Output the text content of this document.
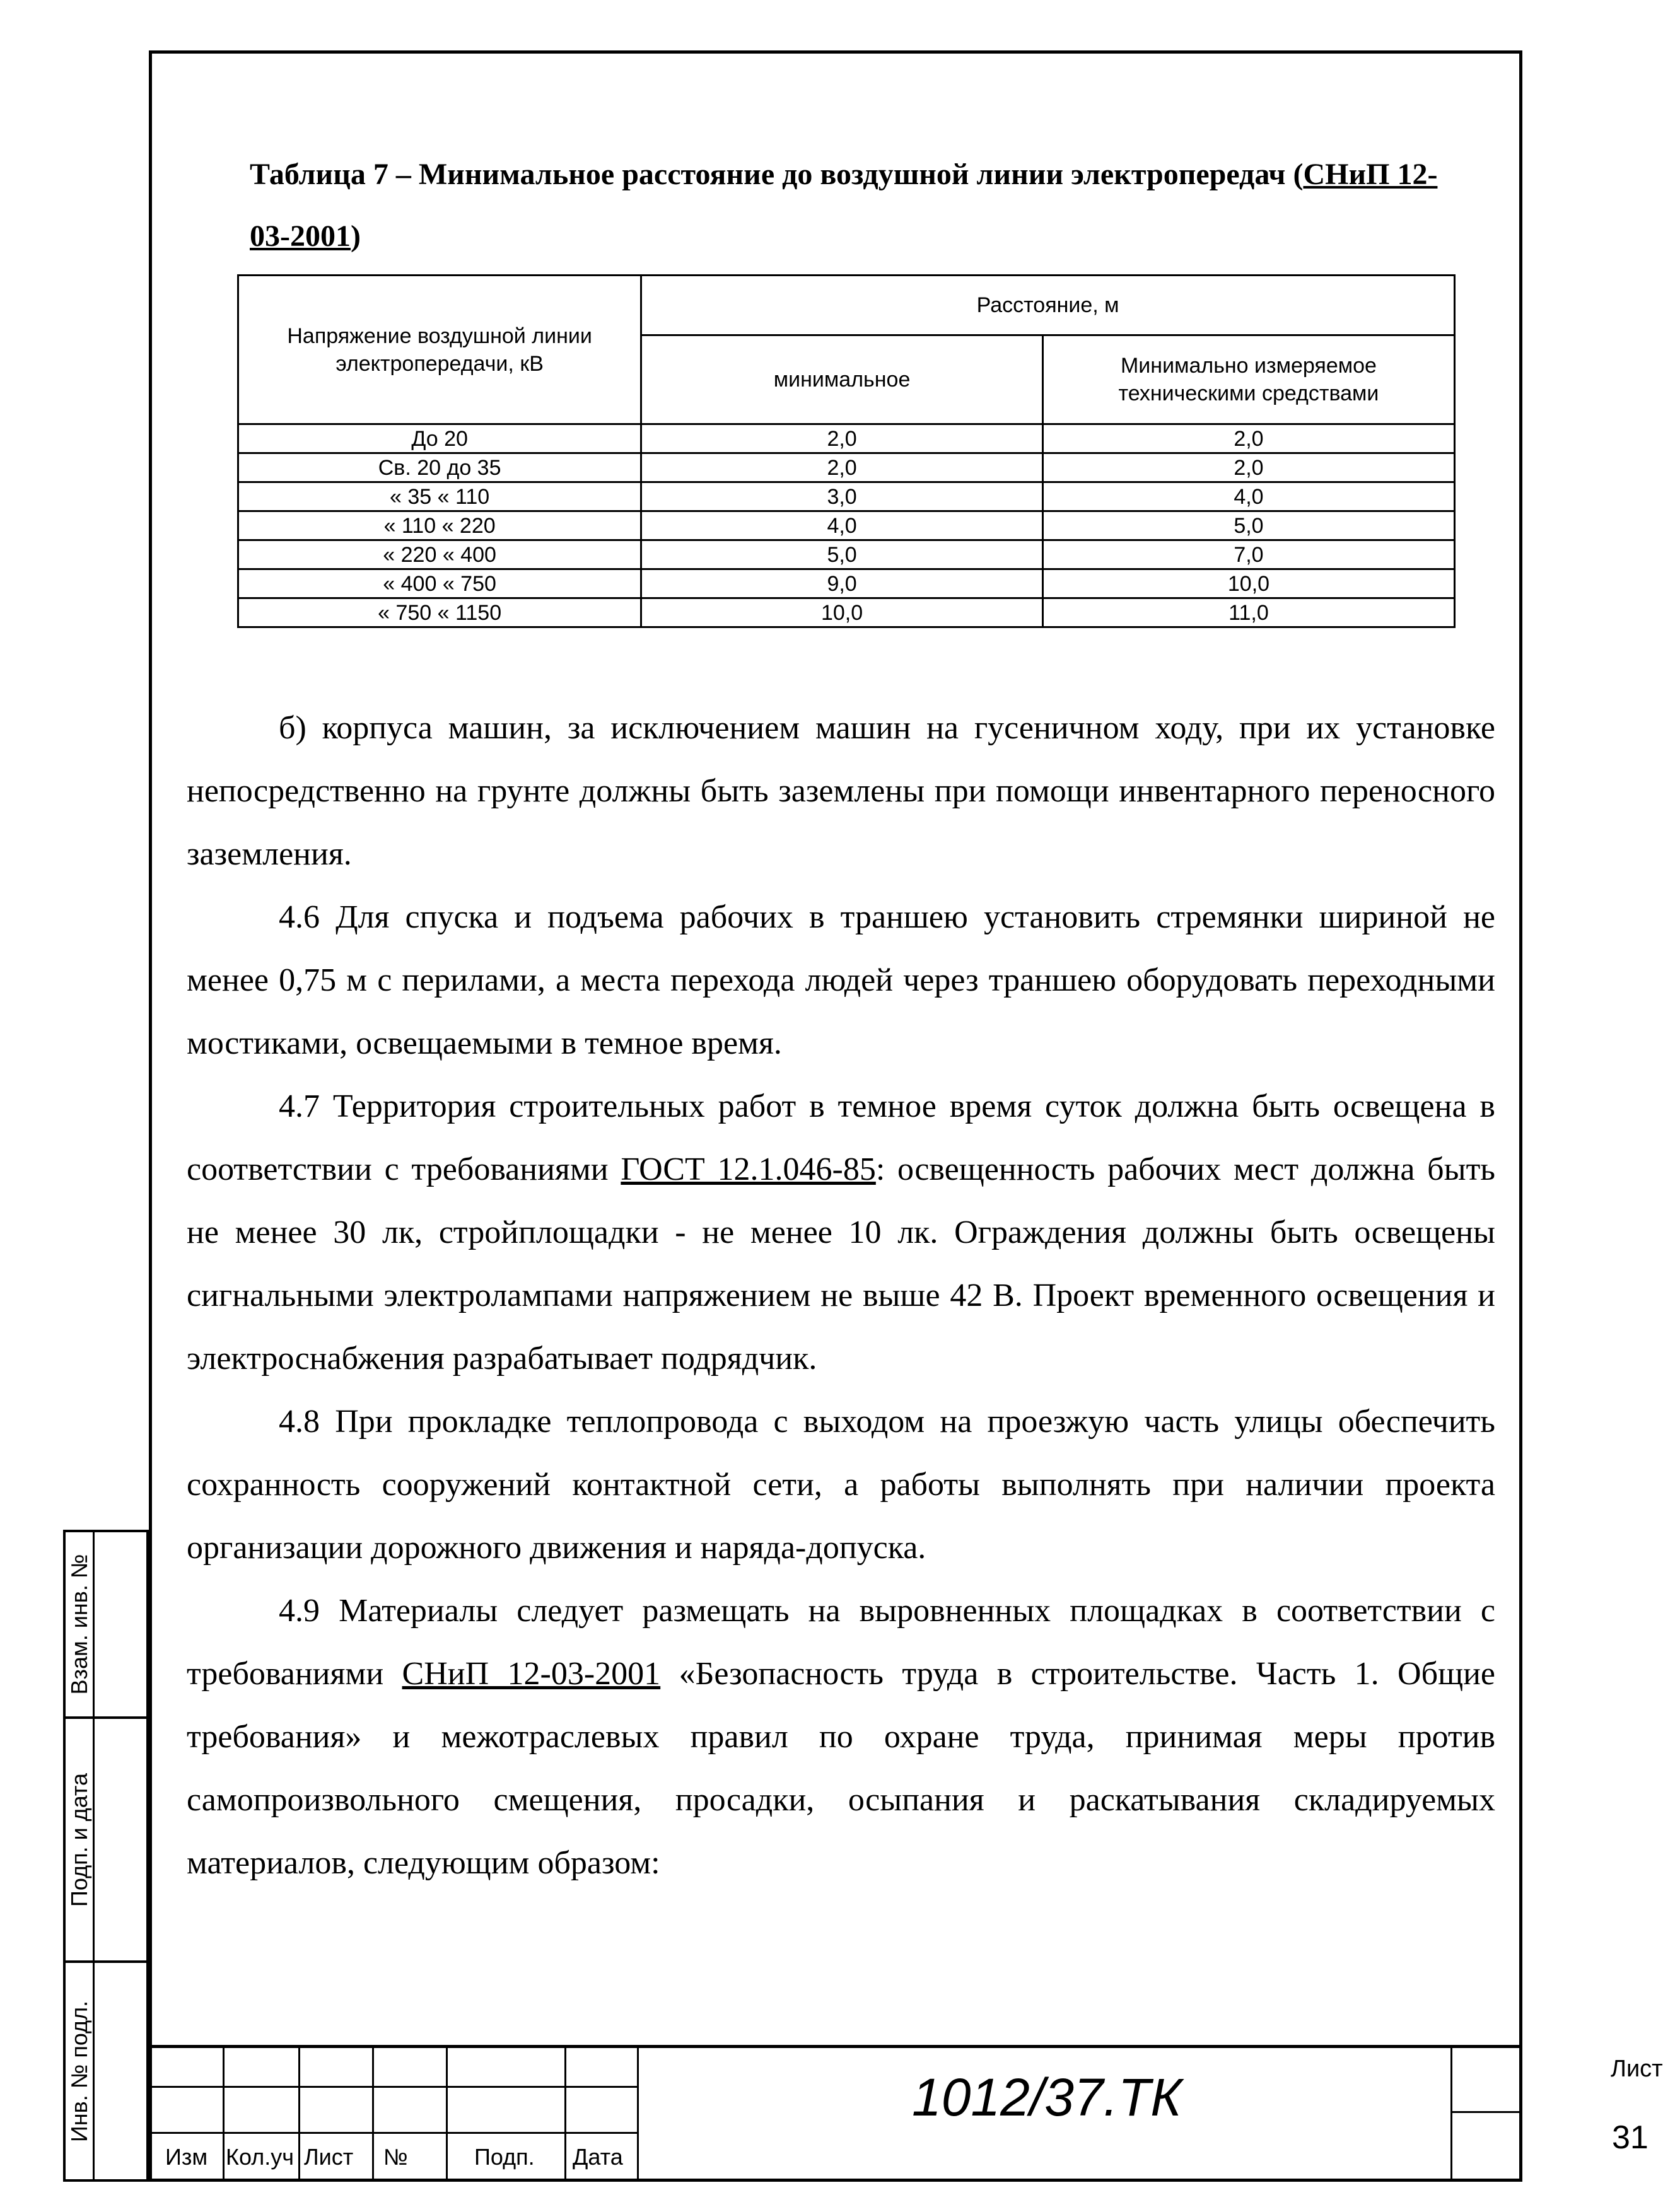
Взам. инв. №
Подп. и дата
Инв. № подл.
Таблица 7 – Минимальное расстояние до воздушной линии электропередач (СНиП 12-03-2001)
Напряжение воздушной линии электропередачи, кВ	Расстояние, м	
	минимальное	Минимально измеряемое техническими средствами
До 20	2,0	2,0
Св. 20 до 35	2,0	2,0
« 35 « 110	3,0	4,0
« 110 « 220	4,0	5,0
« 220 « 400	5,0	7,0
« 400 « 750	9,0	10,0
« 750 « 1150	10,0	11,0

б) корпуса машин, за исключением машин на гусеничном ходу, при их установке непосредственно на грунте должны быть заземлены при помощи инвентарного переносного заземления.

4.6 Для спуска и подъема рабочих в траншею установить стремянки шириной не менее 0,75 м с перилами, а места перехода людей через траншею оборудовать переходными мостиками, освещаемыми в темное время.

4.7 Территория строительных работ в темное время суток должна быть освещена в соответствии с требованиями ГОСТ 12.1.046-85: освещенность рабочих мест должна быть не менее 30 лк, стройплощадки - не менее 10 лк. Ограждения должны быть освещены сигнальными электролампами напряжением не выше 42 В. Проект временного освещения и электроснабжения разрабатывает подрядчик.

4.8 При прокладке теплопровода с выходом на проезжую часть улицы обеспечить сохранность сооружений контактной сети, а работы выполнять при наличии проекта организации дорожного движения и наряда-допуска.

4.9 Материалы следует размещать на выровненных площадках в соответствии с требованиями СНиП 12-03-2001 «Безопасность труда в строительстве. Часть 1. Общие требования» и межотраслевых правил по охране труда, принимая меры против самопроизвольного смещения, просадки, осыпания и раскатывания складируемых материалов, следующим образом:

Изм Кол.уч Лист №	Подп. Дата
1012/37.ТК	Лист
31
